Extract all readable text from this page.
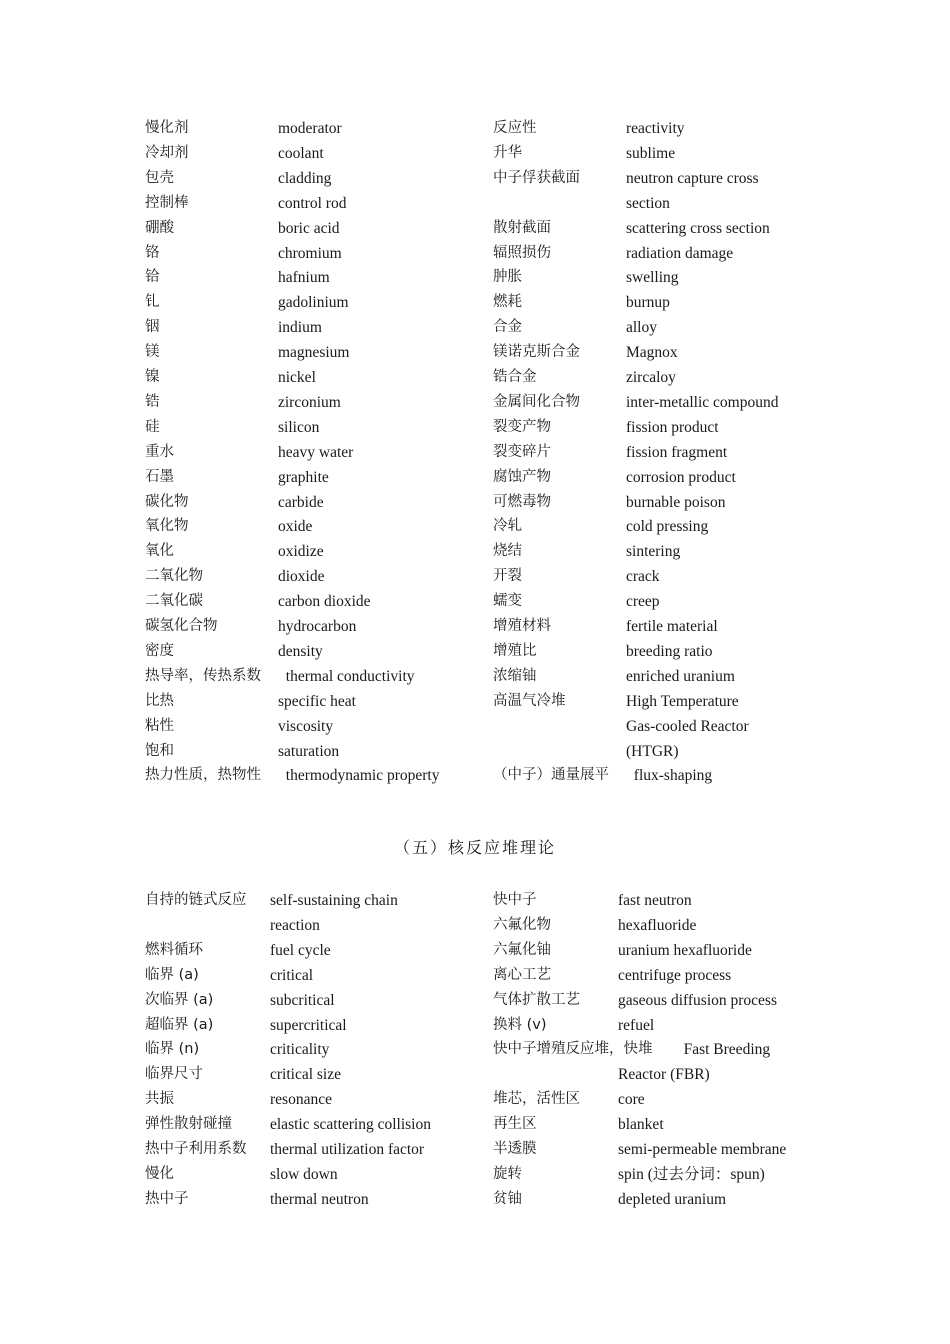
慢化剂	moderator
冷却剂	coolant
包壳	cladding
控制棒	control rod
硼酸	boric acid
铬	chromium
铪	hafnium
钆	gadolinium
铟	indium
镁	magnesium
镍	nickel
锆	zirconium
硅	silicon
重水	heavy water
石墨	graphite
碳化物	carbide
氧化物	oxide
氧化	oxidize
二氧化物	dioxide
二氧化碳	carbon dioxide
碳氢化合物	hydrocarbon
密度	density
热导率，传热系数 thermal conductivity
比热	specific heat
粘性	viscosity
饱和	saturation
热力性质，热物性 thermodynamic property
反应性	reactivity
升华	sublime
中子俘获截面	neutron capture cross
section
散射截面	scattering cross section
辐照损伤	radiation damage
肿胀	swelling
燃耗	burnup
合金	alloy
镁诺克斯合金	Magnox
锆合金	zircaloy
金属间化合物	inter-metallic compound
裂变产物	fission product
裂变碎片	fission fragment
腐蚀产物	corrosion product
可燃毒物	burnable poison
冷轧	cold pressing
烧结	sintering
开裂	crack
蠕变	creep
增殖材料	fertile material
增殖比	breeding ratio
浓缩铀	enriched uranium
高温气冷堆	High Temperature
Gas-cooled Reactor
(HTGR)
（中子）通量展平 flux-shaping
（五）核反应堆理论
自持的链式反应 self-sustaining chain
reaction
燃料循环	fuel cycle
临界 (a)	critical
次临界 (a)	subcritical
超临界 (a)	supercritical
临界 (n)	criticality
临界尺寸	critical size
共振	resonance
弹性散射碰撞 elastic scattering collision
热中子利用系数 thermal utilization factor
慢化	slow down
热中子	thermal neutron
快中子	fast neutron
六氟化物	hexafluoride
六氟化铀	uranium hexafluoride
离心工艺	centrifuge process
气体扩散工艺 gaseous diffusion process
换料 (v)	refuel
快中子增殖反应堆，快堆 Fast Breeding
Reactor (FBR)
堆芯，活性区 core
再生区	blanket
半透膜	semi-permeable membrane
旋转	spin (过去分词：spun)
贫铀	depleted uranium
